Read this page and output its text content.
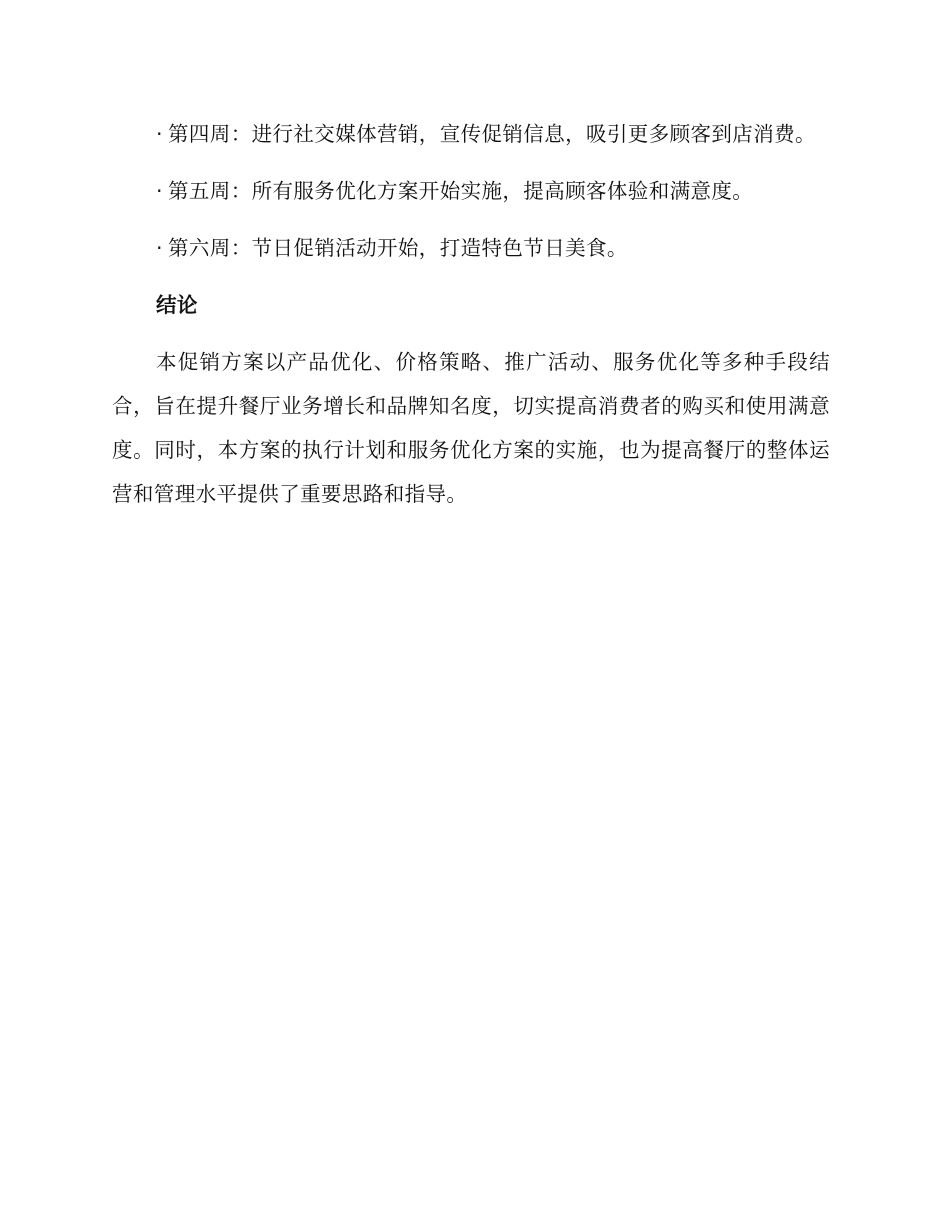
· 第四周：进行社交媒体营销，宣传促销信息，吸引更多顾客到店消费。

· 第五周：所有服务优化方案开始实施，提高顾客体验和满意度。

· 第六周：节日促销活动开始，打造特色节日美食。

结论

本促销方案以产品优化、价格策略、推广活动、服务优化等多种手段结合，旨在提升餐厅业务增长和品牌知名度，切实提高消费者的购买和使用满意度。同时，本方案的执行计划和服务优化方案的实施，也为提高餐厅的整体运营和管理水平提供了重要思路和指导。
